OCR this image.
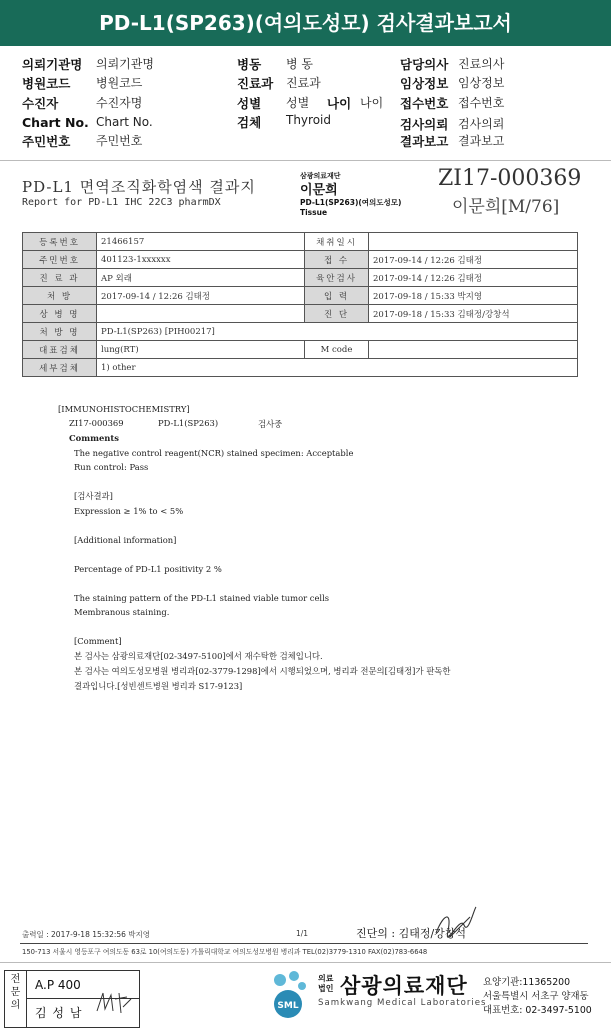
PD-L1(SP263)(여의도성모) 검사결과보고서
의뢰기관명 의뢰기관명
병원코드 병원코드
수진자	수진자명
Chart No. Chart No.
주민번호 주민번호
병동 병 동
진료과 진료과
성별 성별 나이 나이
검체 Thyroid
담당의사 진료의사
임상정보 임상정보
접수번호 접수번호
검사의뢰 검사의뢰
결과보고 결과보고
PD-L1 면역조직화학염색 결과지
Report for PD-L1 IHC 22C3 pharmDX
삼광의료재단
이문희
PD-L1(SP263)(여의도성모)
Tissue
ZI17-000369
이문희[M/76]
등록번호	21466157	채취일시	
주민번호	401123-1xxxxxx	접 수	2017-09-14 / 12:26 김태정
진 료 과	AP 외래	육안검사	2017-09-14 / 12:26 김태정
처 방	2017-09-14 / 12:26 김태정	입 력	2017-09-18 / 15:33 박지영
상 병 명		진 단	2017-09-18 / 15:33 김태정/강창석
처 방 명	PD-L1(SP263) [PIH00217]		
대표검체	lung(RT)	M code	
세부검체	1) other		
[IMMUNOHISTOCHEMISTRY]
ZI17-000369	PD-L1(SP263)	검사중
Comments
The negative control reagent(NCR) stained specimen: Acceptable
Run control: Pass
[검사결과]
Expression ≥ 1% to < 5%
[Additional information]
Percentage of PD-L1 positivity 2 %
The staining pattern of the PD-L1 stained viable tumor cells
Membranous staining.
[Comment]
본 검사는 삼광의료재단[02-3497-5100]에서 재수탁한 검체입니다.
본 검사는 여의도성모병원 병리과[02-3779-1298]에서 시행되었으며, 병리과 전문의[김태정]가 판독한
결과입니다.[성빈센트병원 병리과 S17-9123]
출력일 : 2017-9-18 15:32:56 박지영	1/1	진단의 : 김태정/강창석
150-713 서울시 영등포구 여의도동 63로 10(여의도동) 가톨릭대학교 여의도성모병원 병리과 TEL(02)3779-1310 FAX(02)783-6648
전문의
A.P 400
김 성 남	SML
의료
법인 삼광의료재단
Samkwang Medical Laboratories
요양기관:11365200
서울특별시 서초구 양재동
대표번호: 02-3497-5100
